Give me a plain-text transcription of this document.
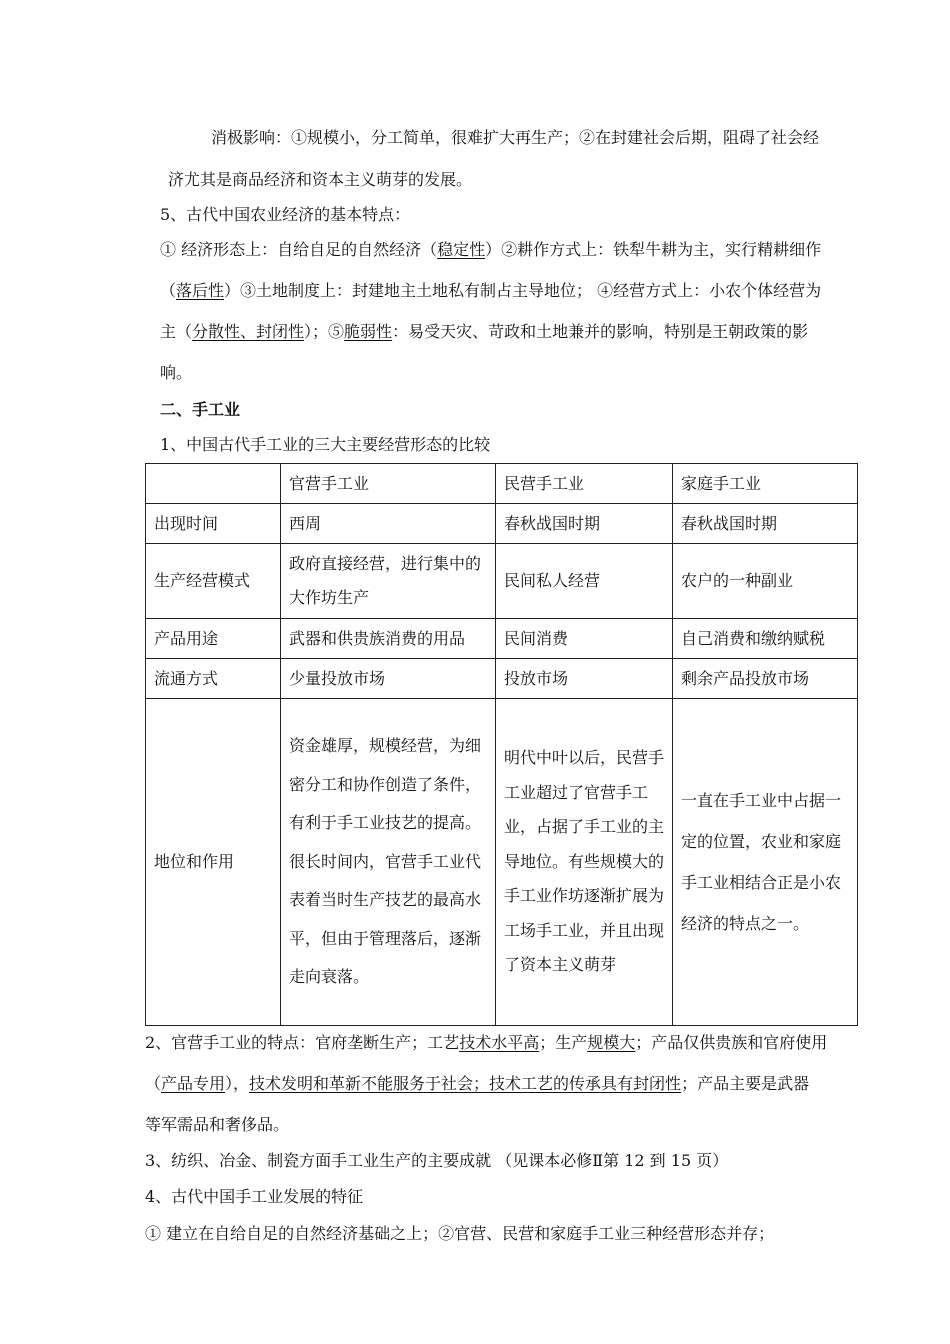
消极影响：①规模小，分工简单，很难扩大再生产；②在封建社会后期，阻碍了社会经
济尤其是商品经济和资本主义萌芽的发展。
5、古代中国农业经济的基本特点：
① 经济形态上：自给自足的自然经济（稳定性）②耕作方式上：铁犁牛耕为主，实行精耕细作
（落后性）③土地制度上：封建地主土地私有制占主导地位； ④经营方式上：小农个体经营为
主（分散性、封闭性）；⑤脆弱性：易受天灾、苛政和土地兼并的影响，特别是王朝政策的影
响。
二、手工业
1、中国古代手工业的三大主要经营形态的比较
	官营手工业	民营手工业	家庭手工业
出现时间	西周	春秋战国时期	春秋战国时期
生产经营模式	政府直接经营，进行集中的大作坊生产	民间私人经营	农户的一种副业
产品用途	武器和供贵族消费的用品	民间消费	自己消费和缴纳赋税
流通方式	少量投放市场	投放市场	剩余产品投放市场
地位和作用	资金雄厚，规模经营，为细密分工和协作创造了条件，有利于手工业技艺的提高。很长时间内，官营手工业代表着当时生产技艺的最高水平，但由于管理落后，逐渐走向衰落。	明代中叶以后，民营手工业超过了官营手工业，占据了手工业的主导地位。有些规模大的手工业作坊逐渐扩展为工场手工业，并且出现了资本主义萌芽	一直在手工业中占据一定的位置，农业和家庭手工业相结合正是小农经济的特点之一。
2、官营手工业的特点：官府垄断生产；工艺技术水平高；生产规模大；产品仅供贵族和官府使用
（产品专用），技术发明和革新不能服务于社会；技术工艺的传承具有封闭性；产品主要是武器
等军需品和奢侈品。
3、纺织、冶金、制瓷方面手工业生产的主要成就 （见课本必修Ⅱ第 12 到 15 页）
4、古代中国手工业发展的特征
① 建立在自给自足的自然经济基础之上；②官营、民营和家庭手工业三种经营形态并存；
